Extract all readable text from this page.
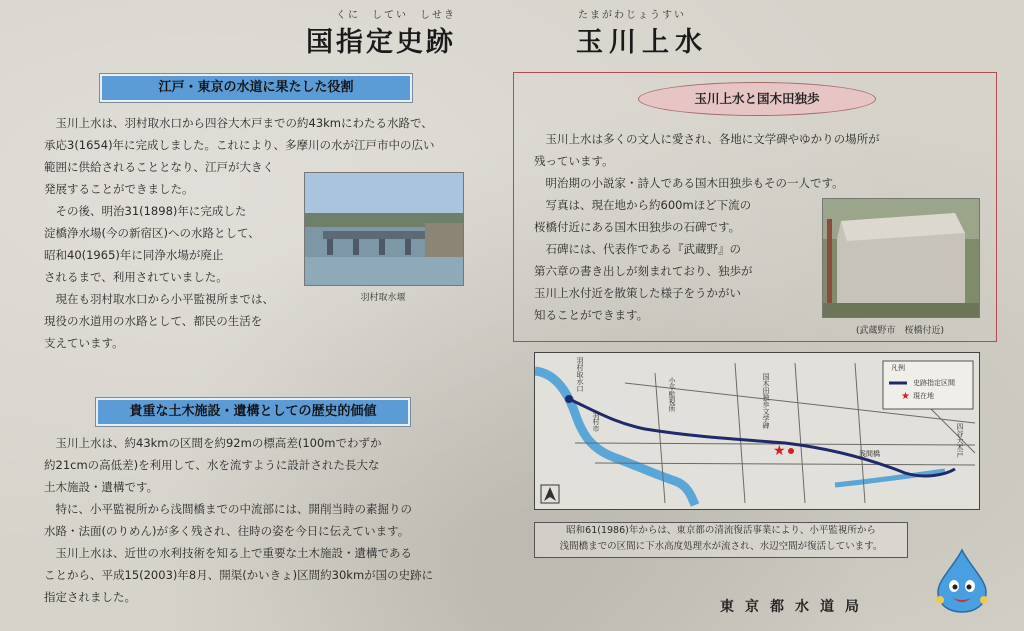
くに　してい　しせき
国指定史跡
たまがわじょうすい
玉川上水
江戸・東京の水道に果たした役割

玉川上水は、羽村取水口から四谷大木戸までの約43kmにわたる水路で、

承応3(1654)年に完成しました。これにより、多摩川の水が江戸市中の広い

範囲に供給されることとなり、江戸が大きく

発展することができました。

その後、明治31(1898)年に完成した

淀橋浄水場(今の新宿区)への水路として、

昭和40(1965)年に同浄水場が廃止

されるまで、利用されていました。

現在も羽村取水口から小平監視所までは、

現役の水道用の水路として、都民の生活を

支えています。

羽村取水堰
貴重な土木施設・遺構としての歴史的価値

玉川上水は、約43kmの区間を約92mの標高差(100mでわずか

約21cmの高低差)を利用して、水を流すように設計された長大な

土木施設・遺構です。

特に、小平監視所から浅間橋までの中流部には、開削当時の素掘りの

水路・法面(のりめん)が多く残され、往時の姿を今日に伝えています。

玉川上水は、近世の水利技術を知る上で重要な土木施設・遺構である

ことから、平成15(2003)年8月、開渠(かいきょ)区間約30kmが国の史跡に

指定されました。

玉川上水と国木田独歩

玉川上水は多くの文人に愛され、各地に文学碑やゆかりの場所が

残っています。

明治期の小説家・詩人である国木田独歩もその一人です。

写真は、現在地から約600mほど下流の

桜橋付近にある国木田独歩の石碑です。

石碑には、代表作である『武蔵野』の

第六章の書き出しが刻まれており、独歩が

玉川上水付近を散策した様子をうかがい

知ることができます。

(武蔵野市　桜橋付近)
★
★
凡例
史跡指定区間
現在地
羽村取水口
小平監視所	国木田独歩文学碑
羽村市
四谷大木戸
浅間橋
昭和61(1986)年からは、東京都の清流復活事業により、小平監視所から
浅間橋までの区間に下水高度処理水が流され、水辺空間が復活しています。
東京都水道局
